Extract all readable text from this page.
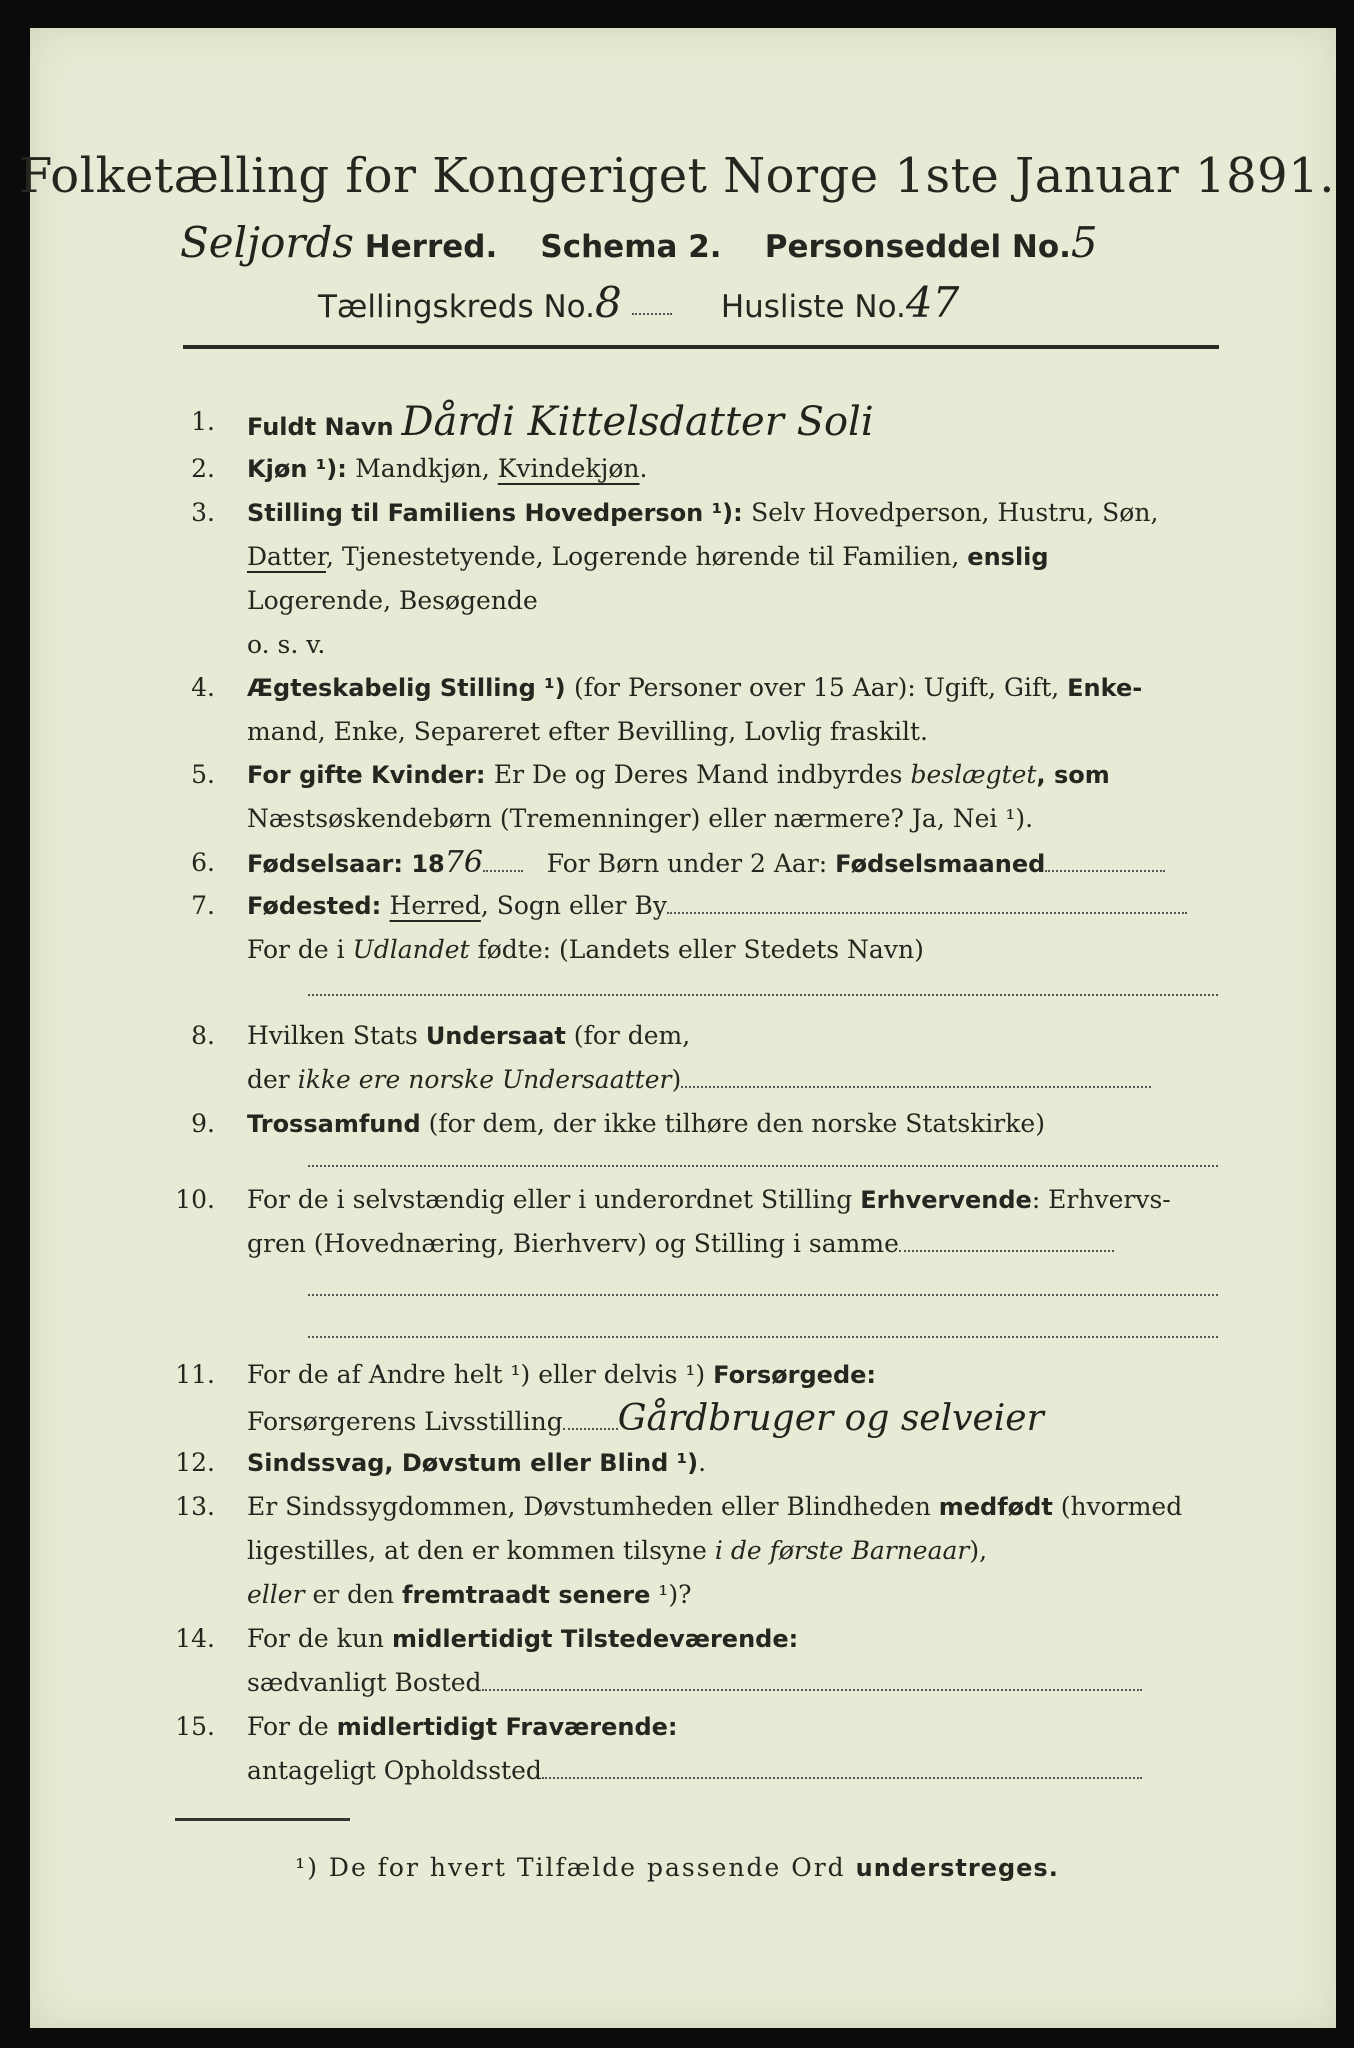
Folketælling for Kongeriget Norge 1ste Januar 1891.
Seljords Herred. Schema 2. Personseddel No.5
Tællingskreds No.8	Husliste No.47
1. Fuldt Navn Dårdi Kittelsdatter Soli
2. Kjøn ¹): Mandkjøn, Kvindekjøn.
3. Stilling til Familiens Hovedperson ¹): Selv Hovedperson, Hustru, Søn,
Datter, Tjenestetyende, Logerende hørende til Familien, enslig
Logerende, Besøgende
o. s. v.
4. Ægteskabelig Stilling ¹) (for Personer over 15 Aar): Ugift, Gift, Enke-
mand, Enke, Separeret efter Bevilling, Lovlig fraskilt.
5. For gifte Kvinder: Er De og Deres Mand indbyrdes beslægtet, som
Næstsøskendebørn (Tremenninger) eller nærmere? Ja, Nei ¹).
6. Fødselsaar: 1876	For Børn under 2 Aar: Fødselsmaaned
7. Fødested: Herred, Sogn eller By
For de i Udlandet fødte: (Landets eller Stedets Navn)
8. Hvilken Stats Undersaat (for dem,
der ikke ere norske Undersaatter)
9. Trossamfund (for dem, der ikke tilhøre den norske Statskirke)
10. For de i selvstændig eller i underordnet Stilling Erhvervende: Erhvervs-
gren (Hovednæring, Bierhverv) og Stilling i samme
11. For de af Andre helt ¹) eller delvis ¹) Forsørgede:
Forsørgerens Livsstilling Gårdbruger og selveier
12. Sindssvag, Døvstum eller Blind ¹).
13. Er Sindssygdommen, Døvstumheden eller Blindheden medfødt (hvormed
ligestilles, at den er kommen tilsyne i de første Barneaar),
eller er den fremtraadt senere ¹)?
14. For de kun midlertidigt Tilstedeværende:
sædvanligt Bosted
15. For de midlertidigt Fraværende:
antageligt Opholdssted
¹) De for hvert Tilfælde passende Ord understreges.
